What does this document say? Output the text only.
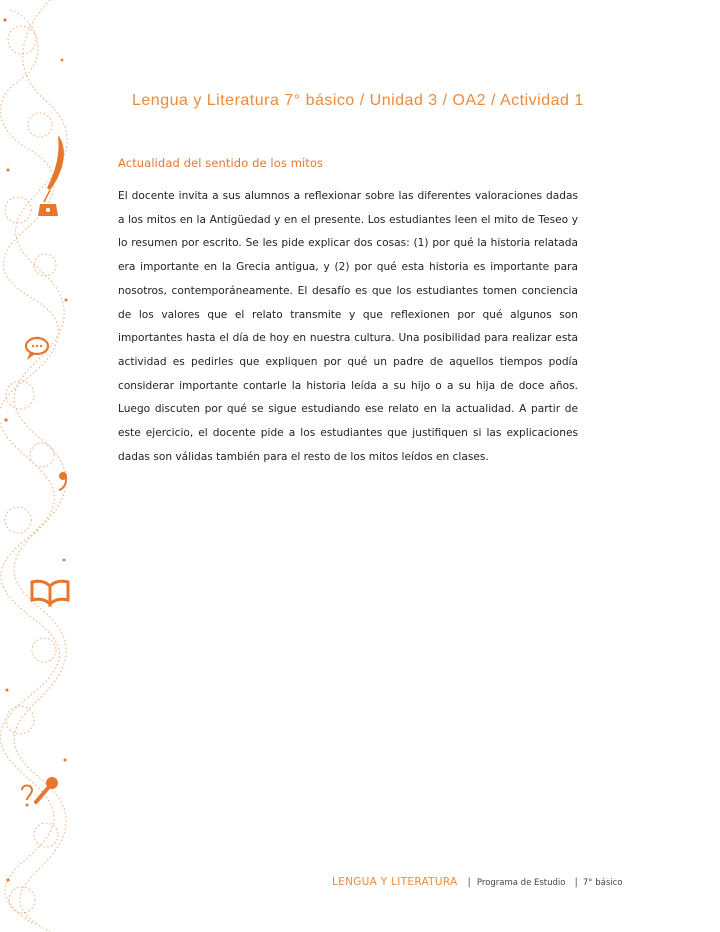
Lengua y Literatura 7° básico / Unidad 3 / OA2 / Actividad 1
Actualidad del sentido de los mitos

El docente invita a sus alumnos a reflexionar sobre las diferentes valoraciones dadas a los mitos en la Antigüedad y en el presente. Los estudiantes leen el mito de Teseo y lo resumen por escrito. Se les pide explicar dos cosas: (1) por qué la historia relatada era importante en la Grecia antigua, y (2) por qué esta historia es importante para nosotros, contemporáneamente. El desafío es que los estudiantes tomen conciencia de los valores que el relato transmite y que reflexionen por qué algunos son importantes hasta el día de hoy en nuestra cultura. Una posibilidad para realizar esta actividad es pedirles que expliquen por qué un padre de aquellos tiempos podía considerar importante contarle la historia leída a su hijo o a su hija de doce años. Luego discuten por qué se sigue estudiando ese relato en la actualidad. A partir de este ejercicio, el docente pide a los estudiantes que justifiquen si las explicaciones dadas son válidas también para el resto de los mitos leídos en clases.

LENGUA Y LITERATURA | Programa de Estudio | 7° básico
